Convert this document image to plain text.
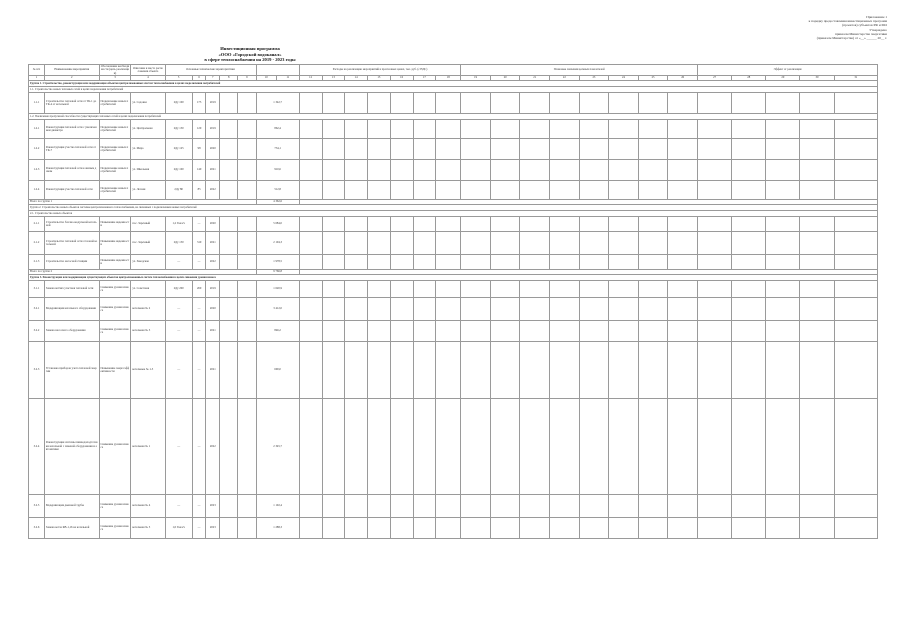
Приложение 1
к порядку предоставления инвестиционных программ
(проектов) субъектов РФ и МО
Утверждено
приказом Министерства энергетики
(приказом Министерства) от «__» ______ 20__ г.
Инвестиционная программа
«ООО «Городской водоканал»
в сфере теплоснабжения на 2019 - 2023 годы
№ п/п	Наименование мероприятия	Обоснование необходимости (цель реализации)	Описание и место расположения объекта	Основные технические характеристики							Расходы на реализацию мероприятий в прогнозных ценах, тыс. руб. (с НДС)							Плановые значения целевых показателей								Эффект от реализации				
1	2	3	4	5	6	7	8	9	10	11	12	13	14	15	16	17	18	19	20	21	22	23	24	25	26	27	28	29	30	31
Группа 1. Строительство, реконструкция или модернизация объектов централизованных систем теплоснабжения в целях подключения потребителей																														
1.1. Строительство новых тепловых сетей в целях подключения потребителей																														
1.1.1	Строительство тепловой сети от ТК-1 до ТК-4 от котельной	Подключение новых потребителей	ул. Садовая	2Ду 100	175	2019			1 342,7																					
1.2. Увеличение пропускной способности существующих тепловых сетей в целях подключения потребителей																														
1.2.1	Реконструкция тепловой сети с увеличением диаметра	Подключение новых потребителей	ул. Центральная	2Ду 150	120	2019			862,4																					
1.2.2	Реконструкция участка тепловой сети от ТК-7	Подключение новых потребителей	ул. Мира	2Ду 125	98	2020			734,1																					
1.2.3	Реконструкция тепловой сети к жилым домам	Подключение новых потребителей	ул. Школьная	2Ду 100	140	2021			910,6																					
1.2.4	Реконструкция участка тепловой сети	Подключение новых потребителей	ул. Лесная	2Ду 80	85	2022			512,8																					
Всего по группе 1									4 362,6																					
Группа 2. Строительство новых объектов системы централизованного теплоснабжения, не связанных с подключением новых потребителей																														
2.1. Строительство новых объектов																														
2.1.1	Строительство блочно-модульной котельной	Повышение надежности	пос. Заречный	1,2 Гкал/ч	—	2020			5 684,0																					
2.1.2	Строительство тепловой сети от новой котельной	Повышение надежности	пос. Заречный	2Ду 150	310	2021			2 104,3																					
2.1.3	Строительство насосной станции	Повышение надежности	ул. Заводская	—	—	2022			1 978,5																					
Всего по группе 2									9 766,8																					
Группа 3. Реконструкция или модернизация существующих объектов централизованных систем теплоснабжения в целях снижения уровня износа																														
3.1.1	Замена ветхих участков тепловой сети	Снижение уровня износа	ул. Советская	2Ду 200	260	2019			1 620,9																					
3.2.1	Модернизация котельного оборудования	Снижение уровня износа	котельная № 2	—	—	2020			3 412,0																					
3.2.2	Замена насосного оборудования	Снижение уровня износа	котельная № 3	—	—	2021			846,2																					
3.2.3	Установка приборов учета тепловой энергии	Повышение энергоэффективности	котельные № 1-5	—	—	2021			690,0																					
3.2.4	Реконструкция системы химводоподготовки котельной с заменой оборудования и автоматики	Снижение уровня износа	котельная № 1	—	—	2022			2 345,7																					
3.2.5	Модернизация дымовой трубы	Снижение уровня износа	котельная № 4	—	—	2023			1 102,4																					
3.2.6	Замена котла КВ-1,16 на котельной	Снижение уровня износа	котельная № 5	1,0 Гкал/ч	—	2023			1 288,3																					
